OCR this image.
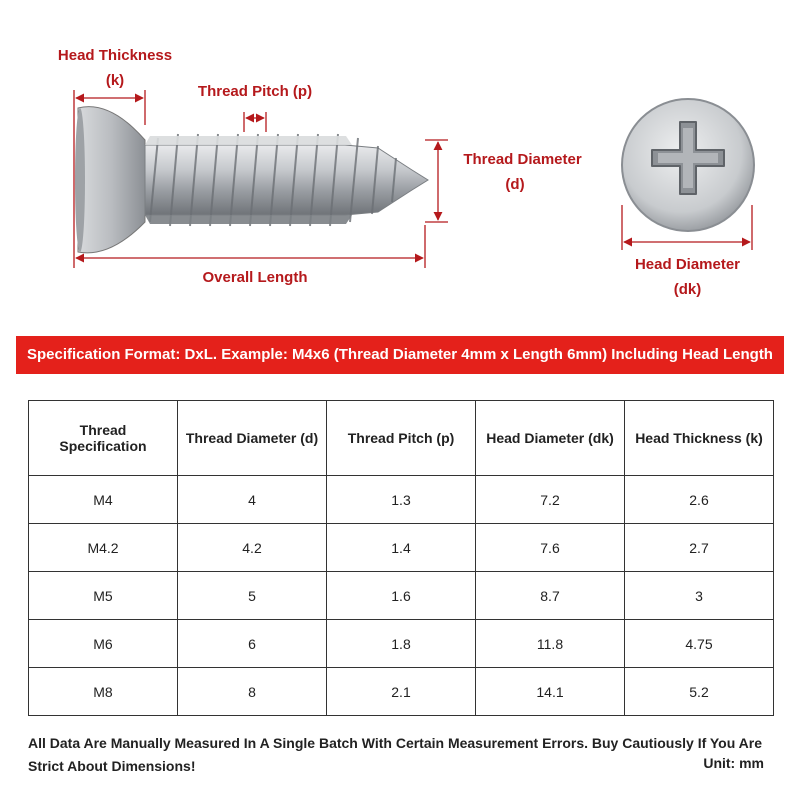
Head Thickness
(k)
Thread Pitch (p)
Thread Diameter
(d)
Overall Length
Head Diameter
(dk)
Specification Format: DxL. Example: M4x6 (Thread Diameter 4mm x Length 6mm) Including Head Length
Thread
Specification	Thread Diameter (d)	Thread Pitch (p)	Head Diameter (dk)	Head Thickness (k)
M4	4	1.3	7.2	2.6
M4.2	4.2	1.4	7.6	2.7
M5	5	1.6	8.7	3
M6	6	1.8	11.8	4.75
M8	8	2.1	14.1	5.2
All Data Are Manually Measured In A Single Batch With Certain Measurement Errors. Buy Cautiously If You Are Strict About Dimensions!	Unit: mm
